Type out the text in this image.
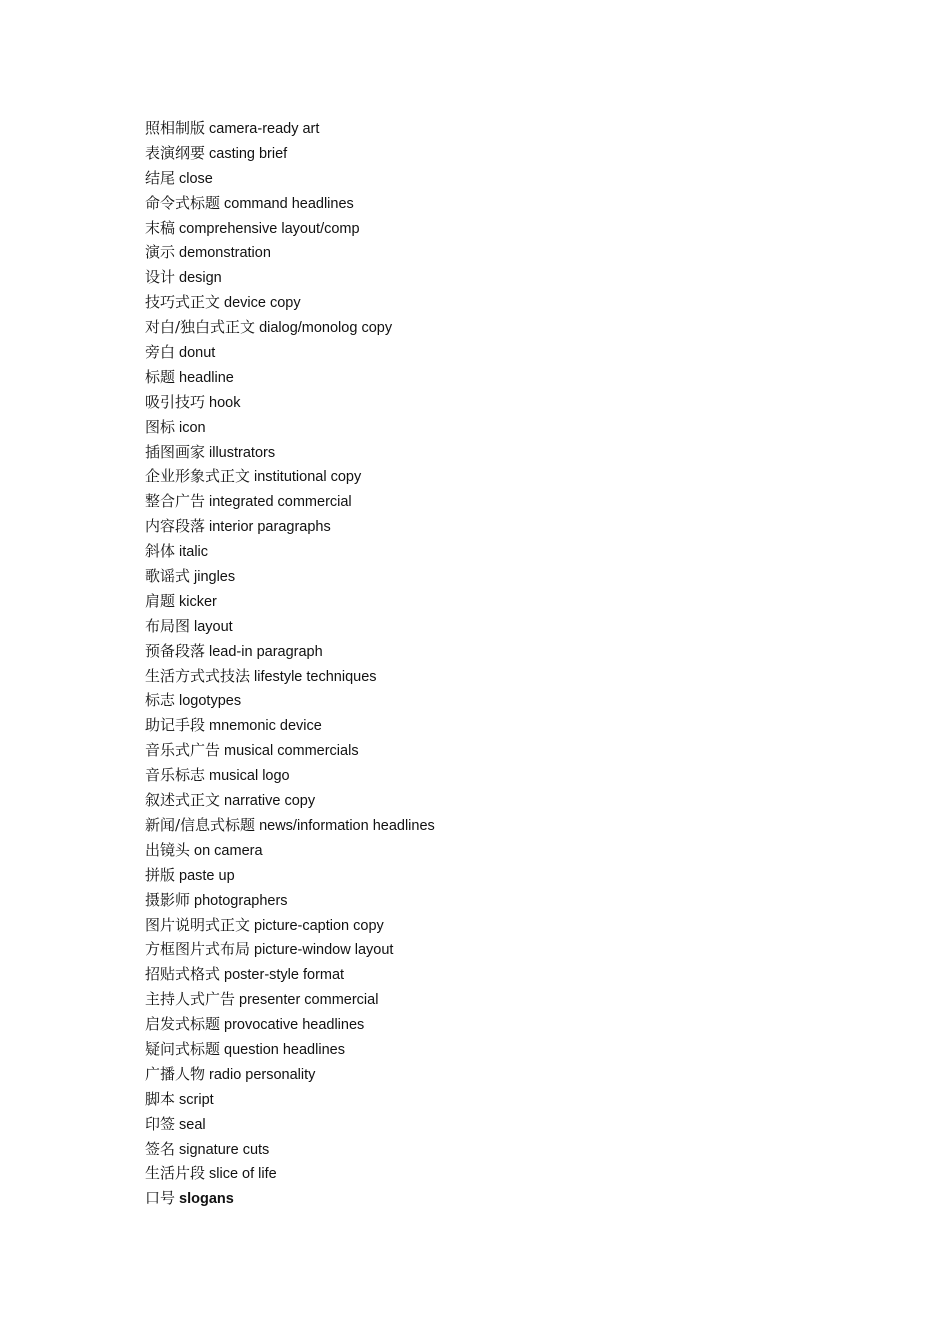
照相制版 camera-ready art
表演纲要 casting brief
结尾 close
命令式标题 command headlines
末稿 comprehensive layout/comp
演示 demonstration
设计 design
技巧式正文 device copy
对白/独白式正文 dialog/monolog copy
旁白 donut
标题 headline
吸引技巧 hook
图标 icon
插图画家 illustrators
企业形象式正文 institutional copy
整合广告 integrated commercial
内容段落 interior paragraphs
斜体 italic
歌谣式 jingles
肩题 kicker
布局图 layout
预备段落 lead-in paragraph
生活方式式技法 lifestyle techniques
标志 logotypes
助记手段 mnemonic device
音乐式广告 musical commercials
音乐标志 musical logo
叙述式正文 narrative copy
新闻/信息式标题 news/information headlines
出镜头 on camera
拼版 paste up
摄影师 photographers
图片说明式正文 picture-caption copy
方框图片式布局 picture-window layout
招贴式格式 poster-style format
主持人式广告 presenter commercial
启发式标题 provocative headlines
疑问式标题 question headlines
广播人物 radio personality
脚本 script
印签 seal
签名 signature cuts
生活片段 slice of life
口号 slogans
